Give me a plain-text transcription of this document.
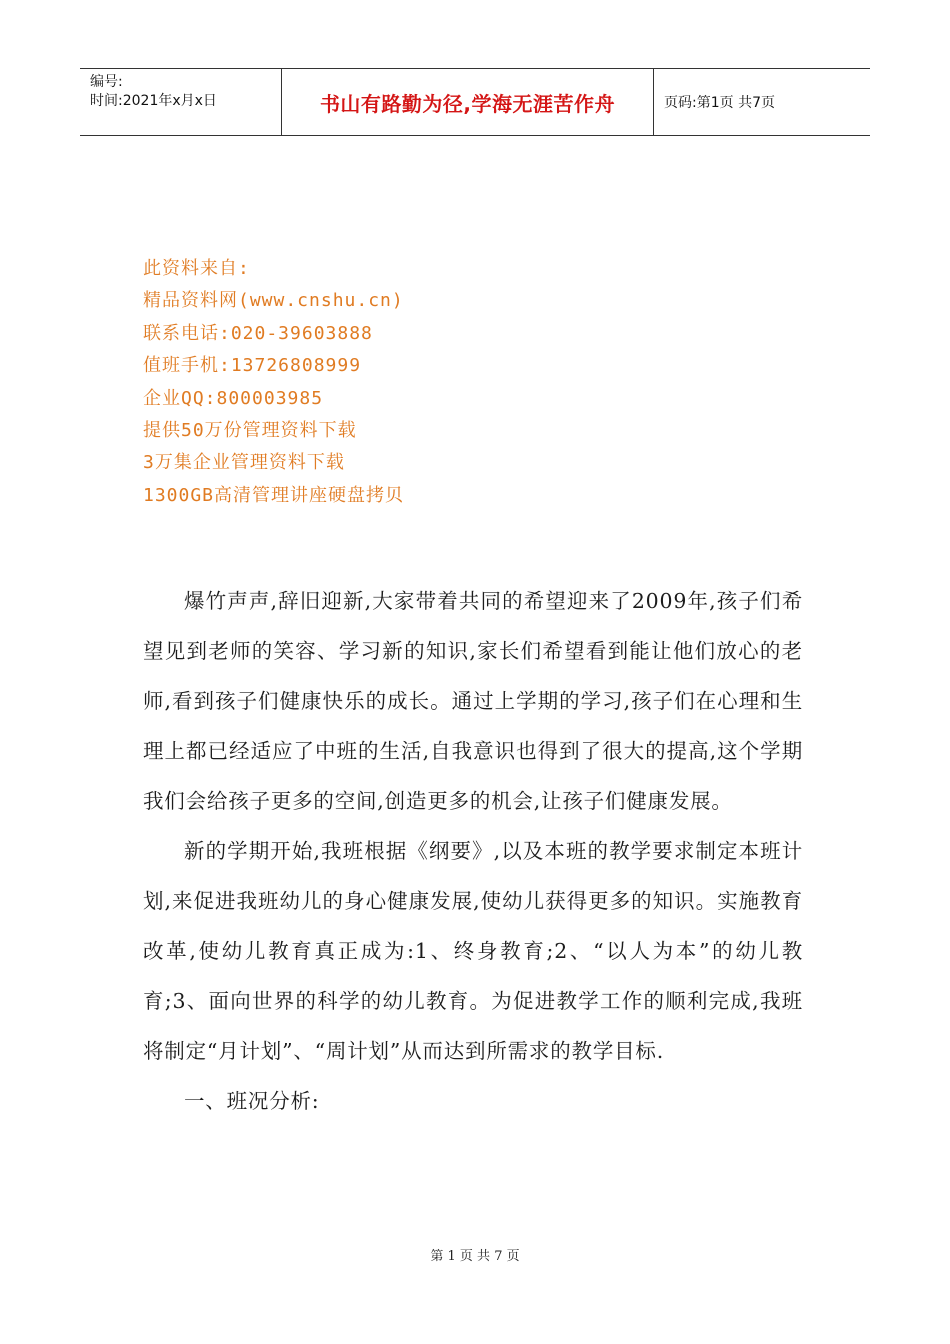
编号:
时间:2021年x月x日	书山有路勤为径,学海无涯苦作舟	页码:第1页 共7页
此资料来自:
精品资料网(www.cnshu.cn)
联系电话:020-39603888
值班手机:13726808999
企业QQ:800003985
提供50万份管理资料下载
3万集企业管理资料下载
1300GB高清管理讲座硬盘拷贝

爆竹声声,辞旧迎新,大家带着共同的希望迎来了2009年,孩子们希望见到老师的笑容、学习新的知识,家长们希望看到能让他们放心的老师,看到孩子们健康快乐的成长。通过上学期的学习,孩子们在心理和生理上都已经适应了中班的生活,自我意识也得到了很大的提高,这个学期我们会给孩子更多的空间,创造更多的机会,让孩子们健康发展。

新的学期开始,我班根据《纲要》,以及本班的教学要求制定本班计划,来促进我班幼儿的身心健康发展,使幼儿获得更多的知识。实施教育改革,使幼儿教育真正成为:1、终身教育;2、“以人为本”的幼儿教育;3、面向世界的科学的幼儿教育。为促进教学工作的顺利完成,我班将制定“月计划”、“周计划”从而达到所需求的教学目标.

一、班况分析:

第 1 页 共 7 页
